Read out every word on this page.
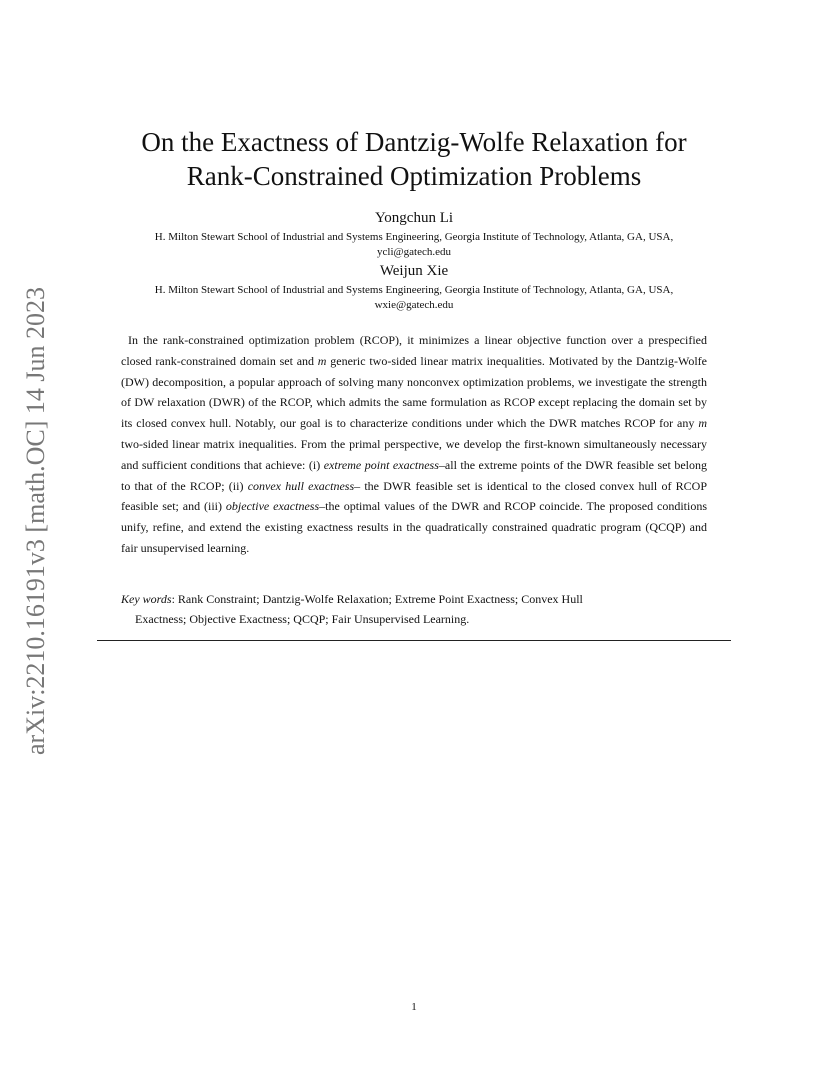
arXiv:2210.16191v3 [math.OC] 14 Jun 2023
On the Exactness of Dantzig-Wolfe Relaxation for
Rank-Constrained Optimization Problems
Yongchun Li
H. Milton Stewart School of Industrial and Systems Engineering, Georgia Institute of Technology, Atlanta, GA, USA,
ycli@gatech.edu
Weijun Xie
H. Milton Stewart School of Industrial and Systems Engineering, Georgia Institute of Technology, Atlanta, GA, USA,
wxie@gatech.edu
In the rank-constrained optimization problem (RCOP), it minimizes a linear objective function over a prespecified closed rank-constrained domain set and m generic two-sided linear matrix inequalities. Motivated by the Dantzig-Wolfe (DW) decomposition, a popular approach of solving many nonconvex optimization problems, we investigate the strength of DW relaxation (DWR) of the RCOP, which admits the same formulation as RCOP except replacing the domain set by its closed convex hull. Notably, our goal is to characterize conditions under which the DWR matches RCOP for any m two-sided linear matrix inequalities. From the primal perspective, we develop the first-known simultaneously necessary and sufficient conditions that achieve: (i) extreme point exactness–all the extreme points of the DWR feasible set belong to that of the RCOP; (ii) convex hull exactness– the DWR feasible set is identical to the closed convex hull of RCOP feasible set; and (iii) objective exactness–the optimal values of the DWR and RCOP coincide. The proposed conditions unify, refine, and extend the existing exactness results in the quadratically constrained quadratic program (QCQP) and fair unsupervised learning.
Key words: Rank Constraint; Dantzig-Wolfe Relaxation; Extreme Point Exactness; Convex Hull
Exactness; Objective Exactness; QCQP; Fair Unsupervised Learning.
1
